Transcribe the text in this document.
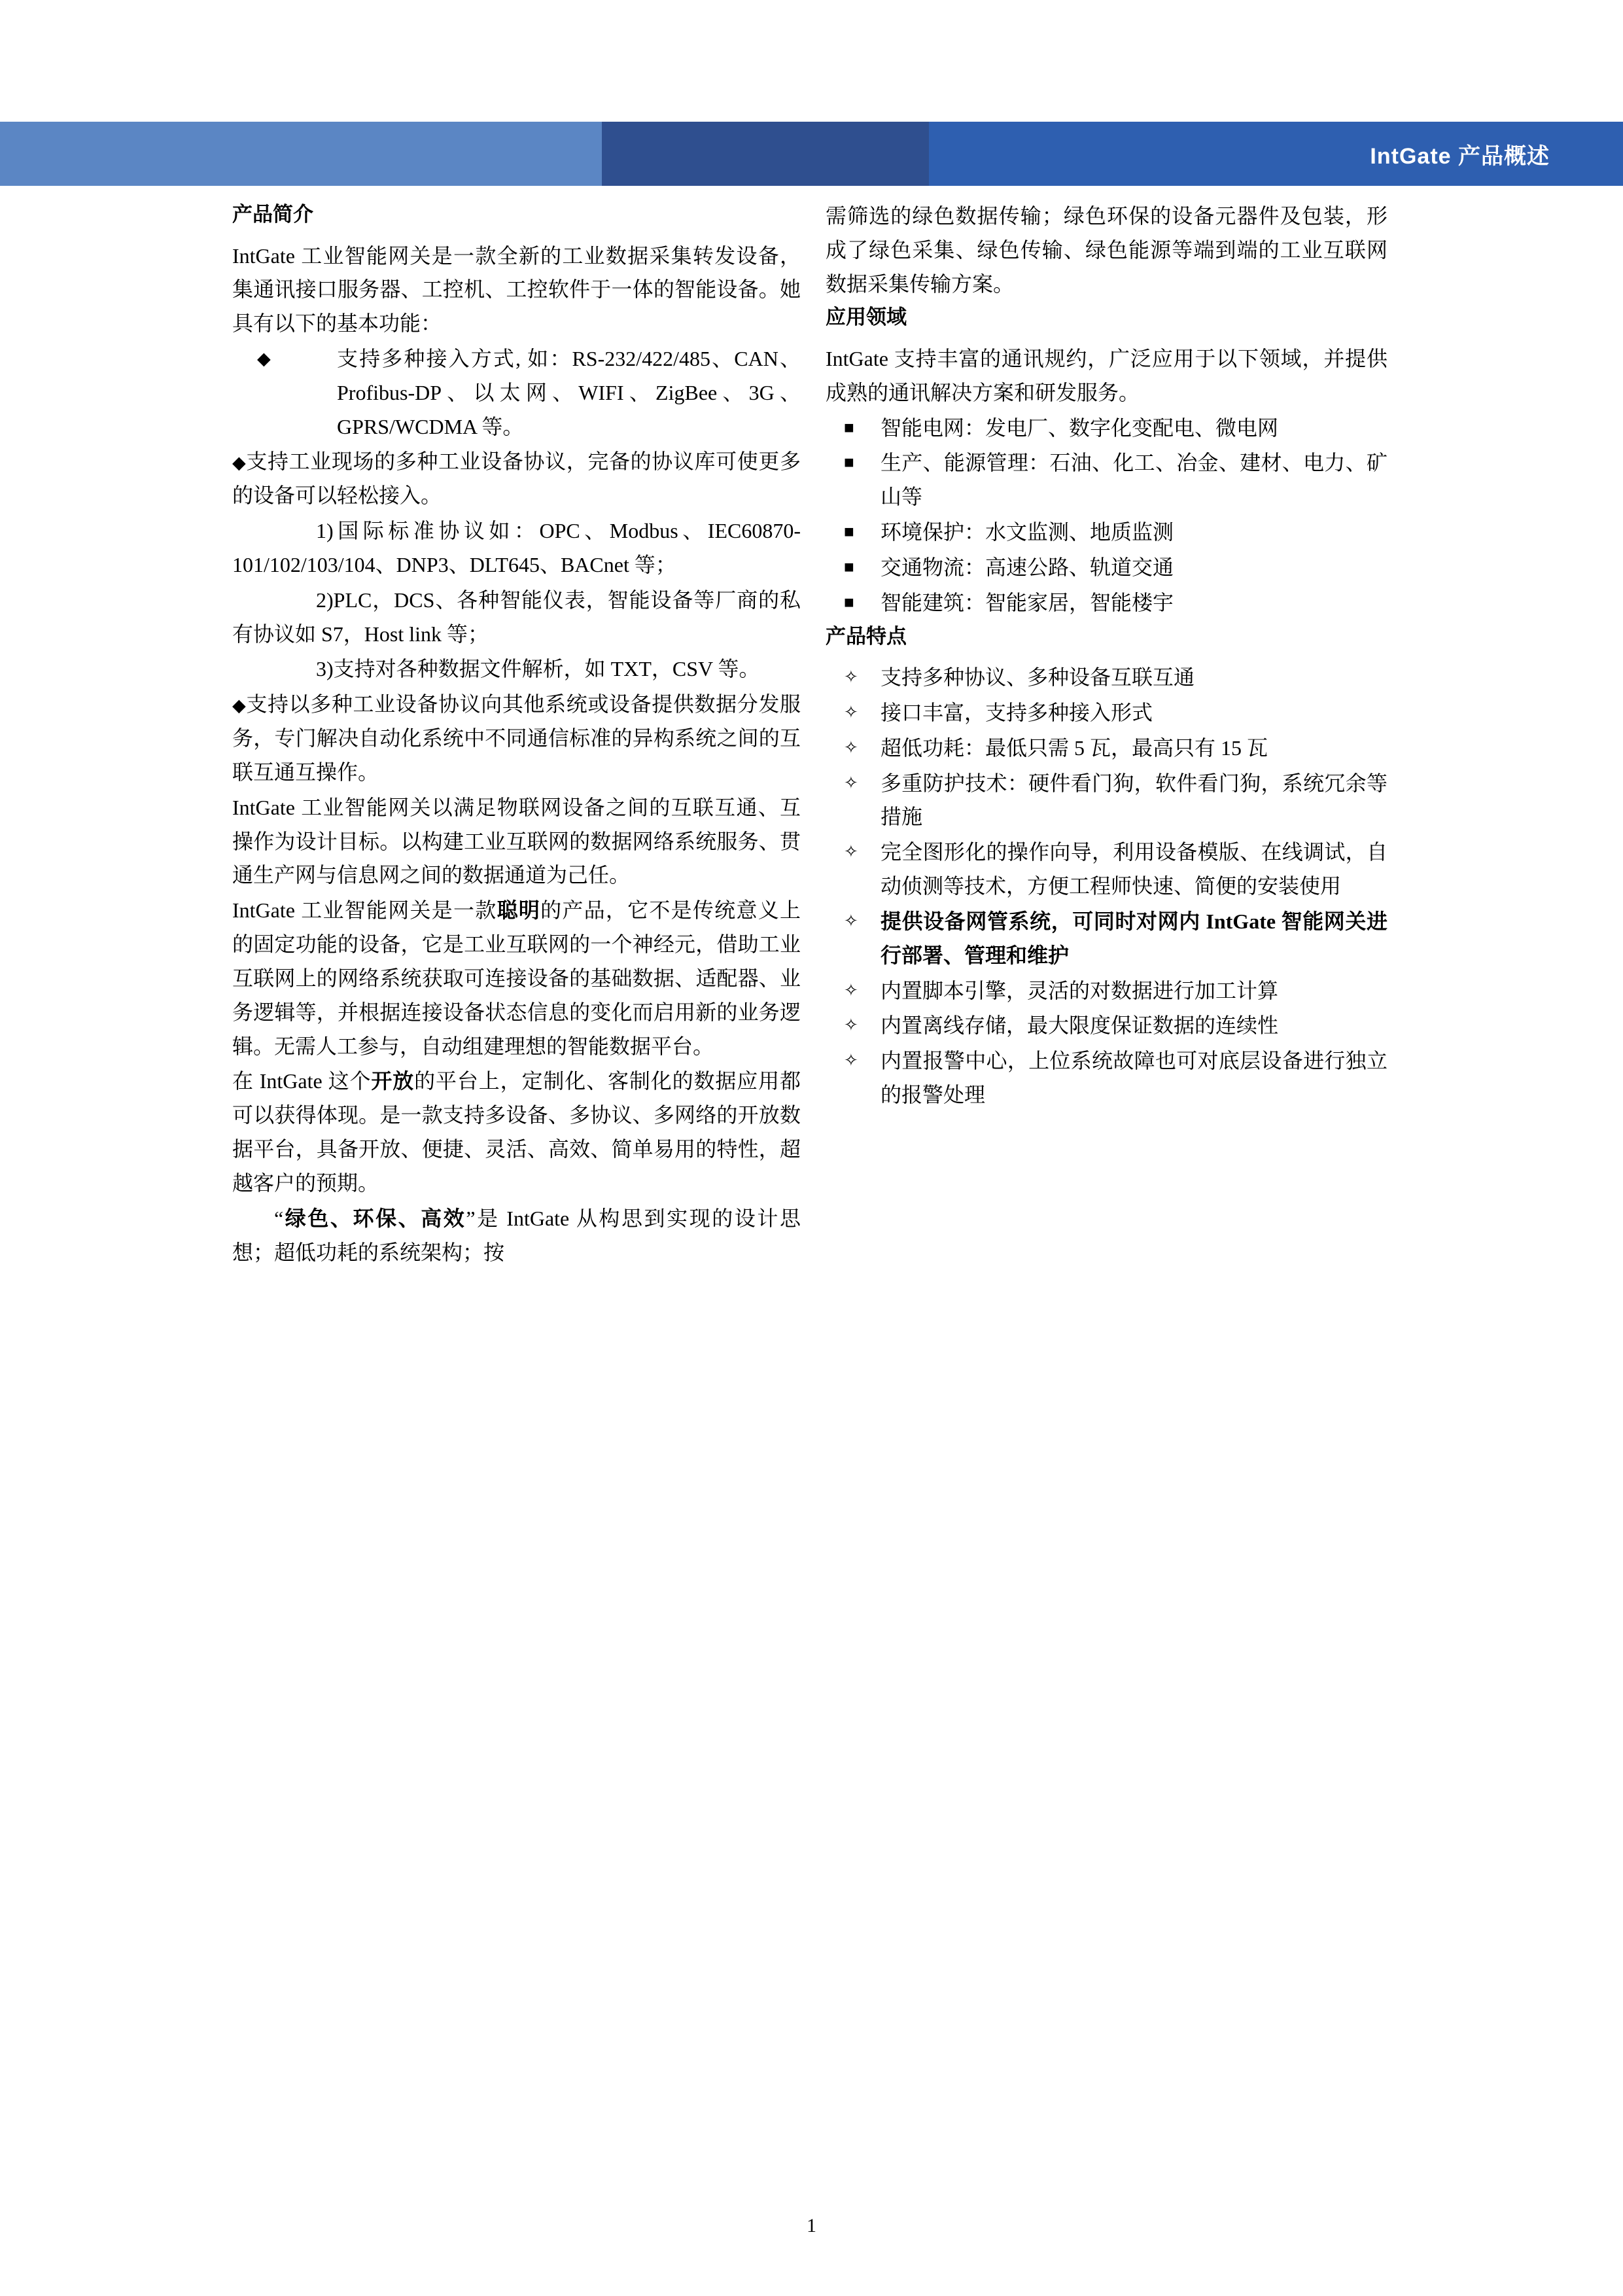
IntGate 产品概述
产品简介

IntGate 工业智能网关是一款全新的工业数据采集转发设备，集通讯接口服务器、工控机、工控软件于一体的智能设备。她具有以下的基本功能：

◆	支持多种接入方式, 如：RS-232/422/485、CAN、Profibus-DP、以太网、WIFI、ZigBee、3G、GPRS/WCDMA 等。

◆支持工业现场的多种工业设备协议，完备的协议库可使更多的设备可以轻松接入。

1)国际标准协议如：OPC、Modbus、IEC60870-101/102/103/104、DNP3、DLT645、BACnet 等；

2)PLC，DCS、各种智能仪表，智能设备等厂商的私有协议如 S7，Host link 等；

3)支持对各种数据文件解析，如 TXT，CSV 等。

◆支持以多种工业设备协议向其他系统或设备提供数据分发服务，专门解决自动化系统中不同通信标准的异构系统之间的互联互通互操作。

IntGate 工业智能网关以满足物联网设备之间的互联互通、互操作为设计目标。以构建工业互联网的数据网络系统服务、贯通生产网与信息网之间的数据通道为己任。

IntGate 工业智能网关是一款聪明的产品，它不是传统意义上的固定功能的设备，它是工业互联网的一个神经元，借助工业互联网上的网络系统获取可连接设备的基础数据、适配器、业务逻辑等，并根据连接设备状态信息的变化而启用新的业务逻辑。无需人工参与，自动组建理想的智能数据平台。

在 IntGate 这个开放的平台上，定制化、客制化的数据应用都可以获得体现。是一款支持多设备、多协议、多网络的开放数据平台，具备开放、便捷、灵活、高效、简单易用的特性，超越客户的预期。

“绿色、环保、高效”是 IntGate 从构思到实现的设计思想；超低功耗的系统架构；按

需筛选的绿色数据传输；绿色环保的设备元器件及包装，形成了绿色采集、绿色传输、绿色能源等端到端的工业互联网数据采集传输方案。

应用领域

IntGate 支持丰富的通讯规约，广泛应用于以下领域，并提供成熟的通讯解决方案和研发服务。

■ 智能电网：发电厂、数字化变配电、微电网
■ 生产、能源管理：石油、化工、冶金、建材、电力、矿山等
■ 环境保护：水文监测、地质监测
■ 交通物流：高速公路、轨道交通
■ 智能建筑：智能家居，智能楼宇
产品特点
✧ 支持多种协议、多种设备互联互通
✧ 接口丰富，支持多种接入形式
✧ 超低功耗：最低只需 5 瓦，最高只有 15 瓦
✧ 多重防护技术：硬件看门狗，软件看门狗，系统冗余等措施
✧ 完全图形化的操作向导，利用设备模版、在线调试，自动侦测等技术，方便工程师快速、简便的安装使用
✧ 提供设备网管系统，可同时对网内 IntGate 智能网关进行部署、管理和维护
✧ 内置脚本引擎，灵活的对数据进行加工计算
✧ 内置离线存储，最大限度保证数据的连续性
✧ 内置报警中心，上位系统故障也可对底层设备进行独立的报警处理
1
